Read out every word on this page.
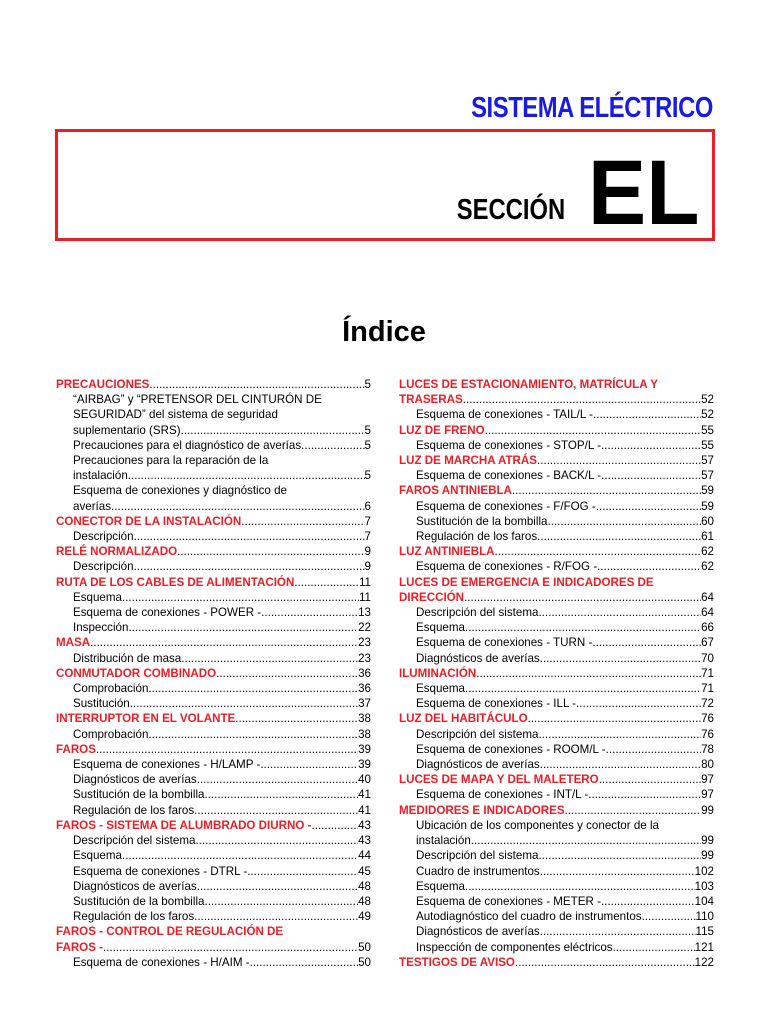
SISTEMA ELÉCTRICO
SECCIÓN EL
Índice
PRECAUCIONES .....	5
“AIRBAG” y “PRETENSOR DEL CINTURÓN DE SEGURIDAD” del sistema de seguridad
suplementario (SRS) .....	5
Precauciones para el diagnóstico de averías .....	5
Precauciones para la reparación de la
instalación .....	5
Esquema de conexiones y diagnóstico de
averías .....	6
CONECTOR DE LA INSTALACIÓN .....	7
Descripción .....	7
RELÉ NORMALIZADO .....	9
Descripción .....	9
RUTA DE LOS CABLES DE ALIMENTACIÓN .....	11
Esquema .....	11
Esquema de conexiones - POWER - .....	13
Inspección .....	22
MASA .....	23
Distribución de masa .....	23
CONMUTADOR COMBINADO .....	36
Comprobación .....	36
Sustitución .....	37
INTERRUPTOR EN EL VOLANTE .....	38
Comprobación .....	38
FAROS .....	39
Esquema de conexiones - H/LAMP - .....	39
Diagnósticos de averías .....	40
Sustitución de la bombilla .....	41
Regulación de los faros .....	41
FAROS - SISTEMA DE ALUMBRADO DIURNO - .....	43
Descripción del sistema .....	43
Esquema .....	44
Esquema de conexiones - DTRL - .....	45
Diagnósticos de averías .....	48
Sustitución de la bombilla .....	48
Regulación de los faros .....	49
FAROS - CONTROL DE REGULACIÓN DE
FAROS - .....	50
Esquema de conexiones - H/AIM - .....	50
LUCES DE ESTACIONAMIENTO, MATRÍCULA Y
TRASERAS .....	52
Esquema de conexiones - TAIL/L - .....	52
LUZ DE FRENO .....	55
Esquema de conexiones - STOP/L - .....	55
LUZ DE MARCHA ATRÁS .....	57
Esquema de conexiones - BACK/L - .....	57
FAROS ANTINIEBLA .....	59
Esquema de conexiones - F/FOG - .....	59
Sustitución de la bombilla .....	60
Regulación de los faros .....	61
LUZ ANTINIEBLA .....	62
Esquema de conexiones - R/FOG - .....	62
LUCES DE EMERGENCIA E INDICADORES DE
DIRECCIÓN .....	64
Descripción del sistema .....	64
Esquema .....	66
Esquema de conexiones - TURN - .....	67
Diagnósticos de averías .....	70
ILUMINACIÓN .....	71
Esquema .....	71
Esquema de conexiones - ILL - .....	72
LUZ DEL HABITÁCULO .....	76
Descripción del sistema .....	76
Esquema de conexiones - ROOM/L - .....	78
Diagnósticos de averías .....	80
LUCES DE MAPA Y DEL MALETERO .....	97
Esquema de conexiones - INT/L - .....	97
MEDIDORES E INDICADORES .....	99
Ubicación de los componentes y conector de la
instalación .....	99
Descripción del sistema .....	99
Cuadro de instrumentos .....	102
Esquema .....	103
Esquema de conexiones - METER - .....	104
Autodiagnóstico del cuadro de instrumentos .....	110
Diagnósticos de averías .....	115
Inspección de componentes eléctricos .....	121
TESTIGOS DE AVISO .....	122
